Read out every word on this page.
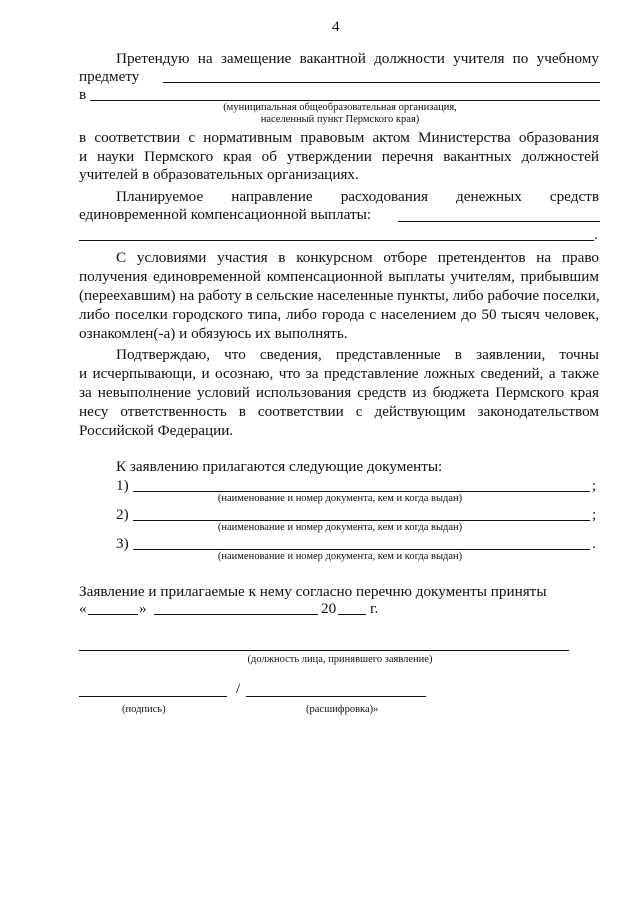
4
Претендую на замещение вакантной должности учителя по учебному
предмету
в
(муниципальная общеобразовательная организация,
населенный пункт Пермского края)
в соответствии с нормативным правовым актом Министерства образования
и науки Пермского края об утверждении перечня вакантных должностей
учителей в образовательных организациях.
Планируемое направление расходования денежных средств
единовременной компенсационной выплаты:
.
С условиями участия в конкурсном отборе претендентов на право
получения единовременной компенсационной выплаты учителям, прибывшим
(переехавшим) на работу в сельские населенные пункты, либо рабочие поселки,
либо поселки городского типа, либо города с населением до 50 тысяч человек,
ознакомлен(-а) и обязуюсь их выполнять.
Подтверждаю, что сведения, представленные в заявлении, точны
и исчерпывающи, и осознаю, что за представление ложных сведений, а также
за невыполнение условий использования средств из бюджета Пермского края
несу ответственность в соответствии с действующим законодательством
Российской Федерации.
К заявлению прилагаются следующие документы:
1)	;
(наименование и номер документа, кем и когда выдан)
2)	;
(наименование и номер документа, кем и когда выдан)
3)	.
(наименование и номер документа, кем и когда выдан)
Заявление и прилагаемые к нему согласно перечню документы приняты
«	»	20 г.
(должность лица, принявшего заявление)
/
(подпись)	(расшифровка)»
